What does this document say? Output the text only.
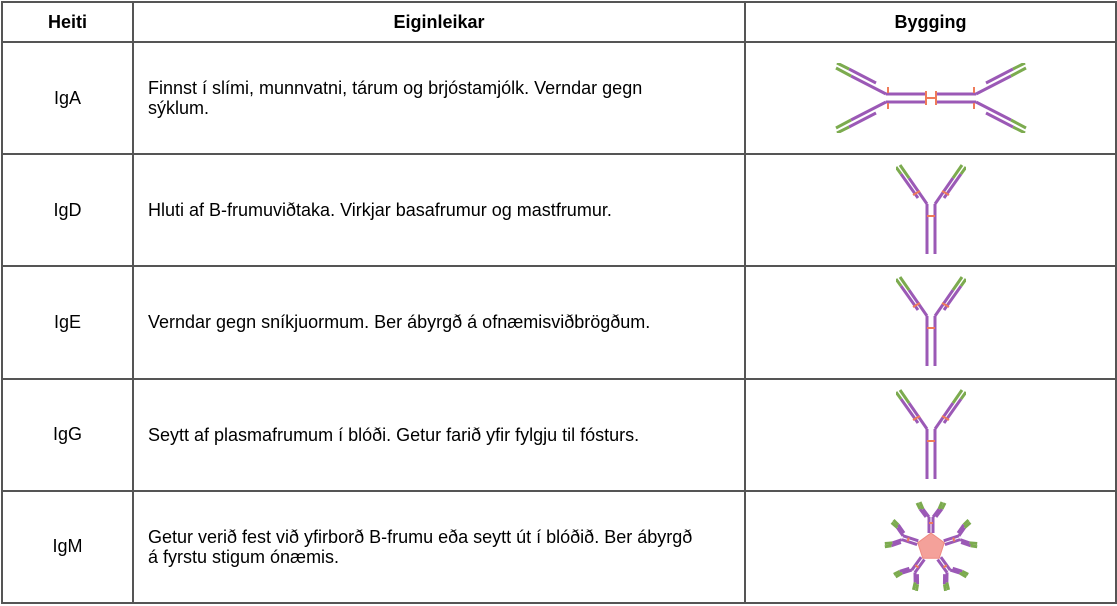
Heiti	Eiginleikar	Bygging
IgA	Finnst í slími, munnvatni, tárum og brjóstamjólk. Verndar gegn sýklum.	

IgD	Hluti af B-frumuviðtaka. Virkjar basafrumur og mastfrumur.	

IgE	Verndar gegn sníkjuormum. Ber ábyrgð á ofnæmisviðbrögðum.	

IgG	Seytt af plasmafrumum í blóði. Getur farið yfir fylgju til fósturs.	

IgM	Getur verið fest við yfirborð B-frumu eða seytt út í blóðið. Ber ábyrgð á fyrstu stigum ónæmis.	
